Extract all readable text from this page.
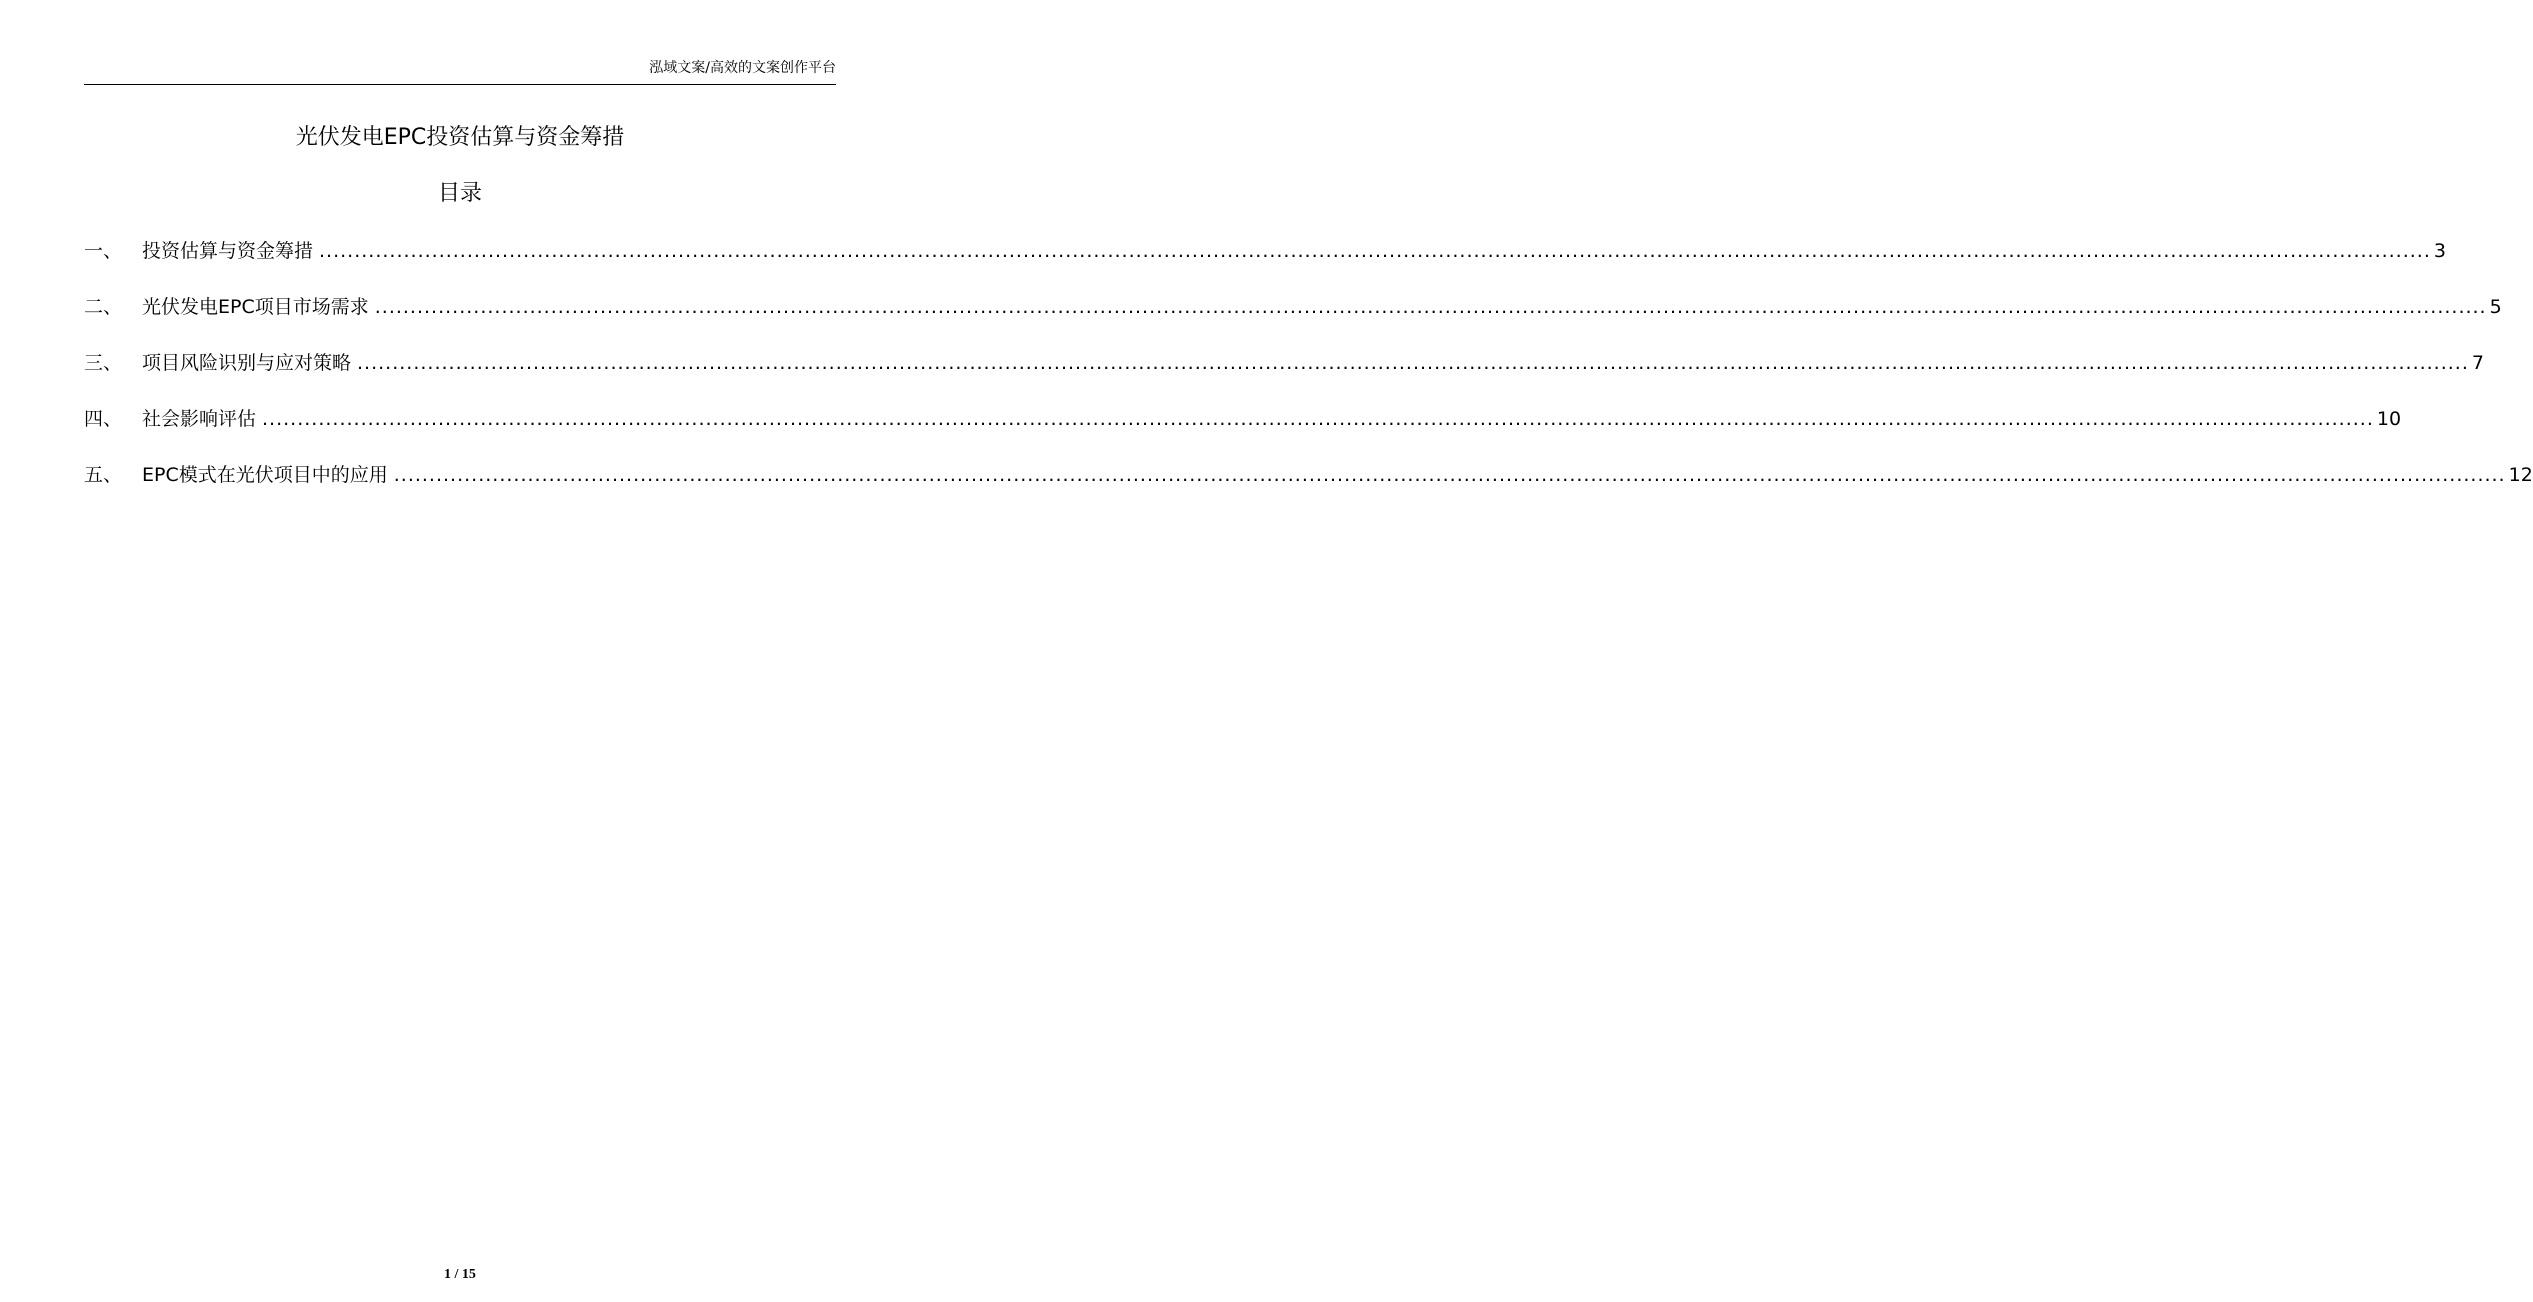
泓域文案/高效的文案创作平台
光伏发电EPC投资估算与资金筹措
目录
一、	投资估算与资金筹措 ............................................................................................................................................................................................................................................................................................................ 3
二、	光伏发电EPC项目市场需求 ............................................................................................................................................................................................................................................................................................................ 5
三、	项目风险识别与应对策略 ............................................................................................................................................................................................................................................................................................................ 7
四、	社会影响评估 ............................................................................................................................................................................................................................................................................................................ 10
五、	EPC模式在光伏项目中的应用 ............................................................................................................................................................................................................................................................................................................ 12
1 / 15
